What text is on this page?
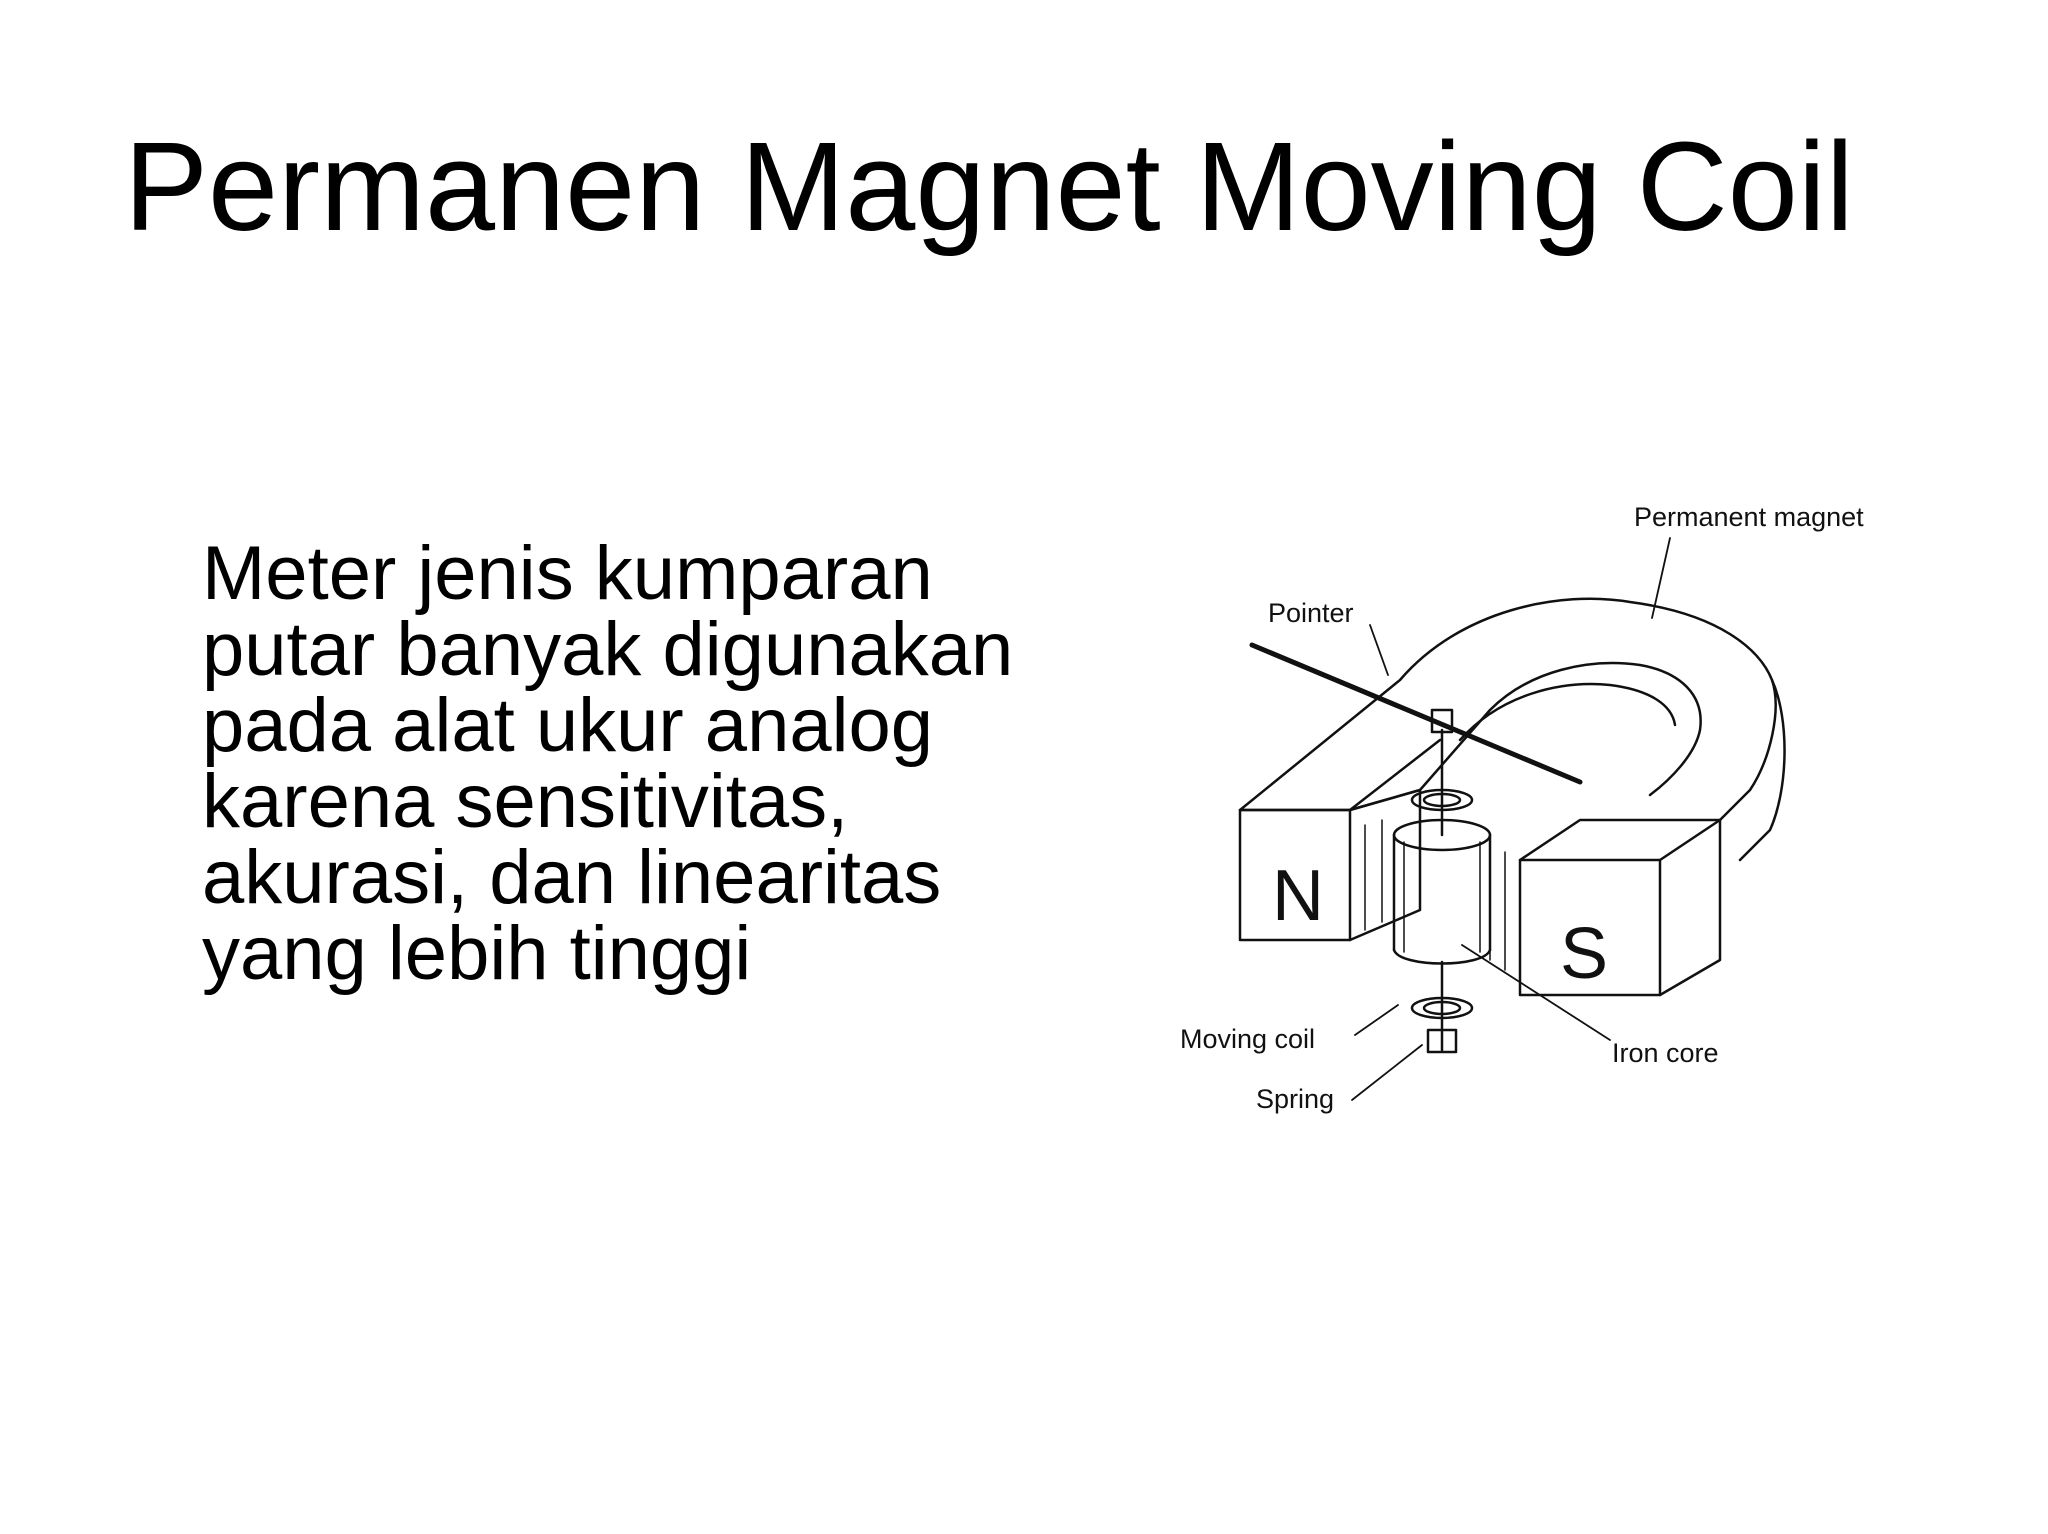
Permanen Magnet Moving Coil

Meter jenis kumparan

putar banyak digunakan

pada alat ukur analog

karena sensitivitas,

akurasi, dan linearitas

yang lebih tinggi

N
S
Permanent magnet
Pointer
Moving coil
Spring
Iron core
